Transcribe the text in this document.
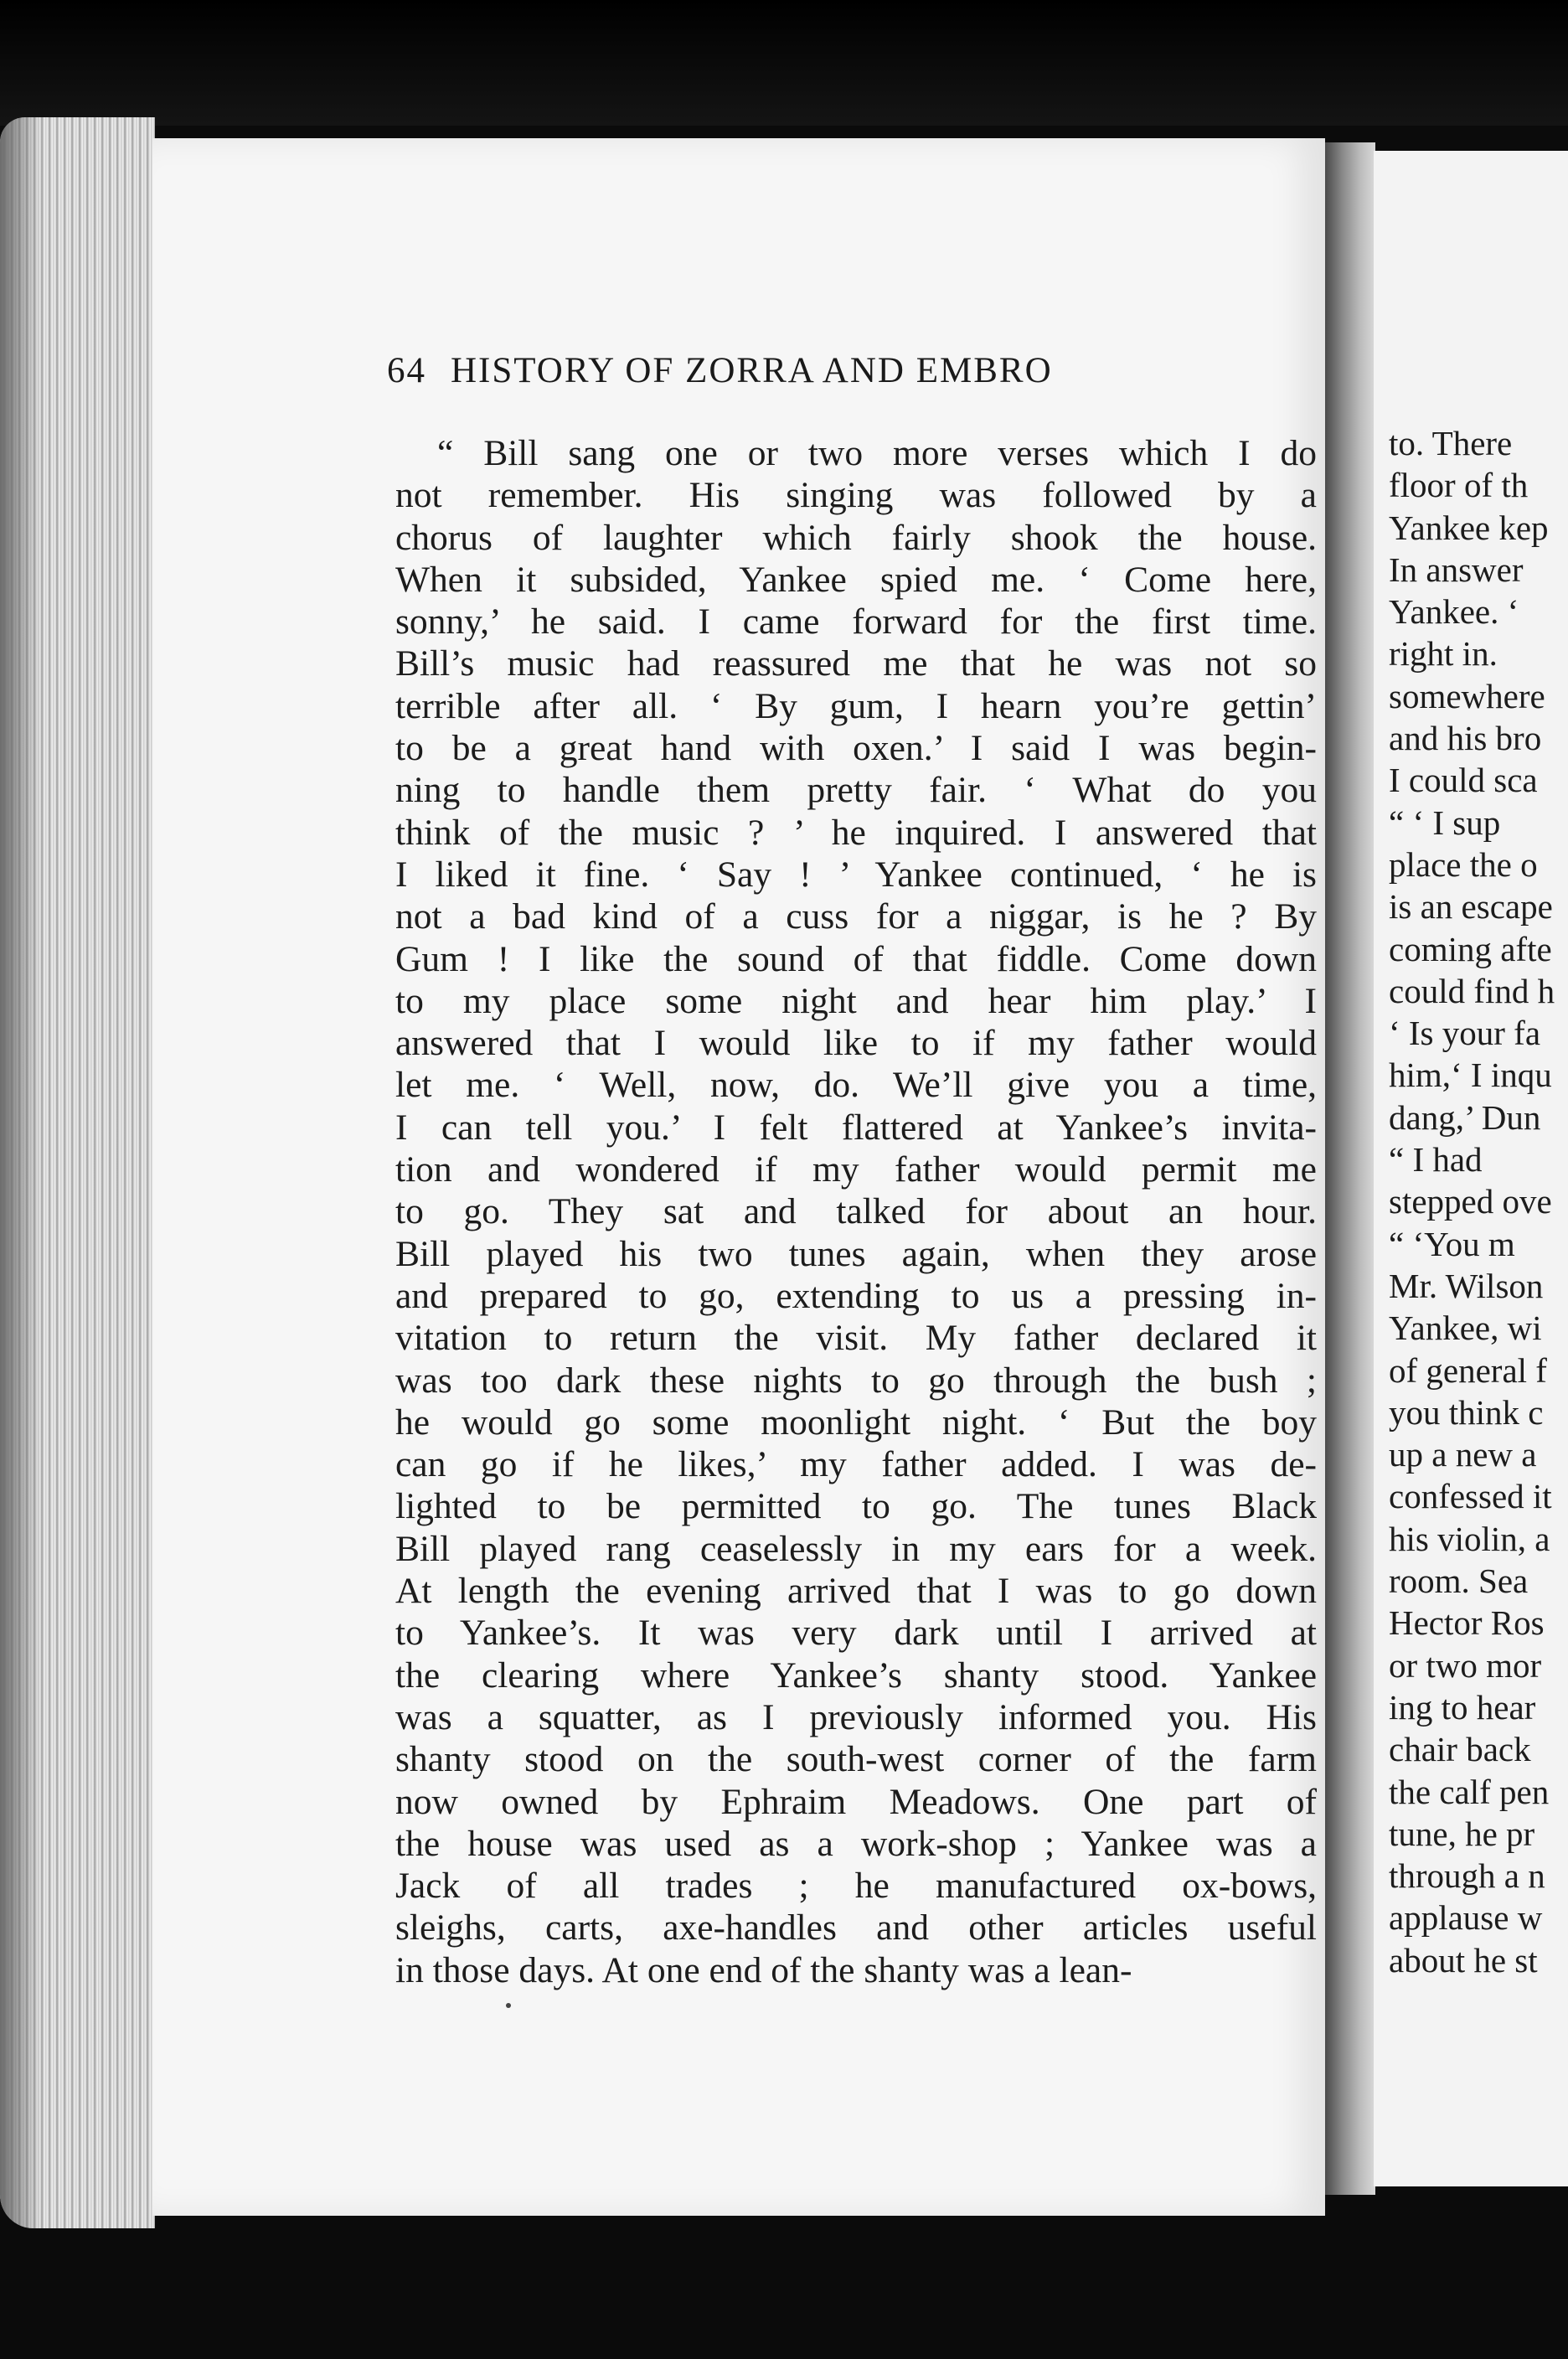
to. There
floor of th
Yankee kep
In answer
Yankee. ‘
right in.
somewhere
and his bro
I could sca
“ ‘ I sup
place the o
is an escape
coming afte
could find h
‘ Is your fa
him,‘ I inqu
dang,’ Dun
“ I had
stepped ove
“ ‘You m
Mr. Wilson
Yankee, wi
of general f
you think c
up a new a
confessed it
his violin, a
room. Sea
Hector Ros
or two mor
ing to hear
chair back
the calf pen
tune, he pr
through a n
applause w
about he st
64 HISTORY OF ZORRA AND EMBRO
“ Bill sang one or two more verses which I do
not remember. His singing was followed by a
chorus of laughter which fairly shook the house.
When it subsided, Yankee spied me. ‘ Come here,
sonny,’ he said. I came forward for the first time.
Bill’s music had reassured me that he was not so
terrible after all. ‘ By gum, I hearn you’re gettin’
to be a great hand with oxen.’ I said I was begin-
ning to handle them pretty fair. ‘ What do you
think of the music ? ’ he inquired. I answered that
I liked it fine. ‘ Say ! ’ Yankee continued, ‘ he is
not a bad kind of a cuss for a niggar, is he ? By
Gum ! I like the sound of that fiddle. Come down
to my place some night and hear him play.’ I
answered that I would like to if my father would
let me. ‘ Well, now, do. We’ll give you a time,
I can tell you.’ I felt flattered at Yankee’s invita-
tion and wondered if my father would permit me
to go. They sat and talked for about an hour.
Bill played his two tunes again, when they arose
and prepared to go, extending to us a pressing in-
vitation to return the visit. My father declared it
was too dark these nights to go through the bush ;
he would go some moonlight night. ‘ But the boy
can go if he likes,’ my father added. I was de-
lighted to be permitted to go. The tunes Black
Bill played rang ceaselessly in my ears for a week.
At length the evening arrived that I was to go down
to Yankee’s. It was very dark until I arrived at
the clearing where Yankee’s shanty stood. Yankee
was a squatter, as I previously informed you. His
shanty stood on the south-west corner of the farm
now owned by Ephraim Meadows. One part of
the house was used as a work-shop ; Yankee was a
Jack of all trades ; he manufactured ox-bows,
sleighs, carts, axe-handles and other articles useful
in those days. At one end of the shanty was a lean-
